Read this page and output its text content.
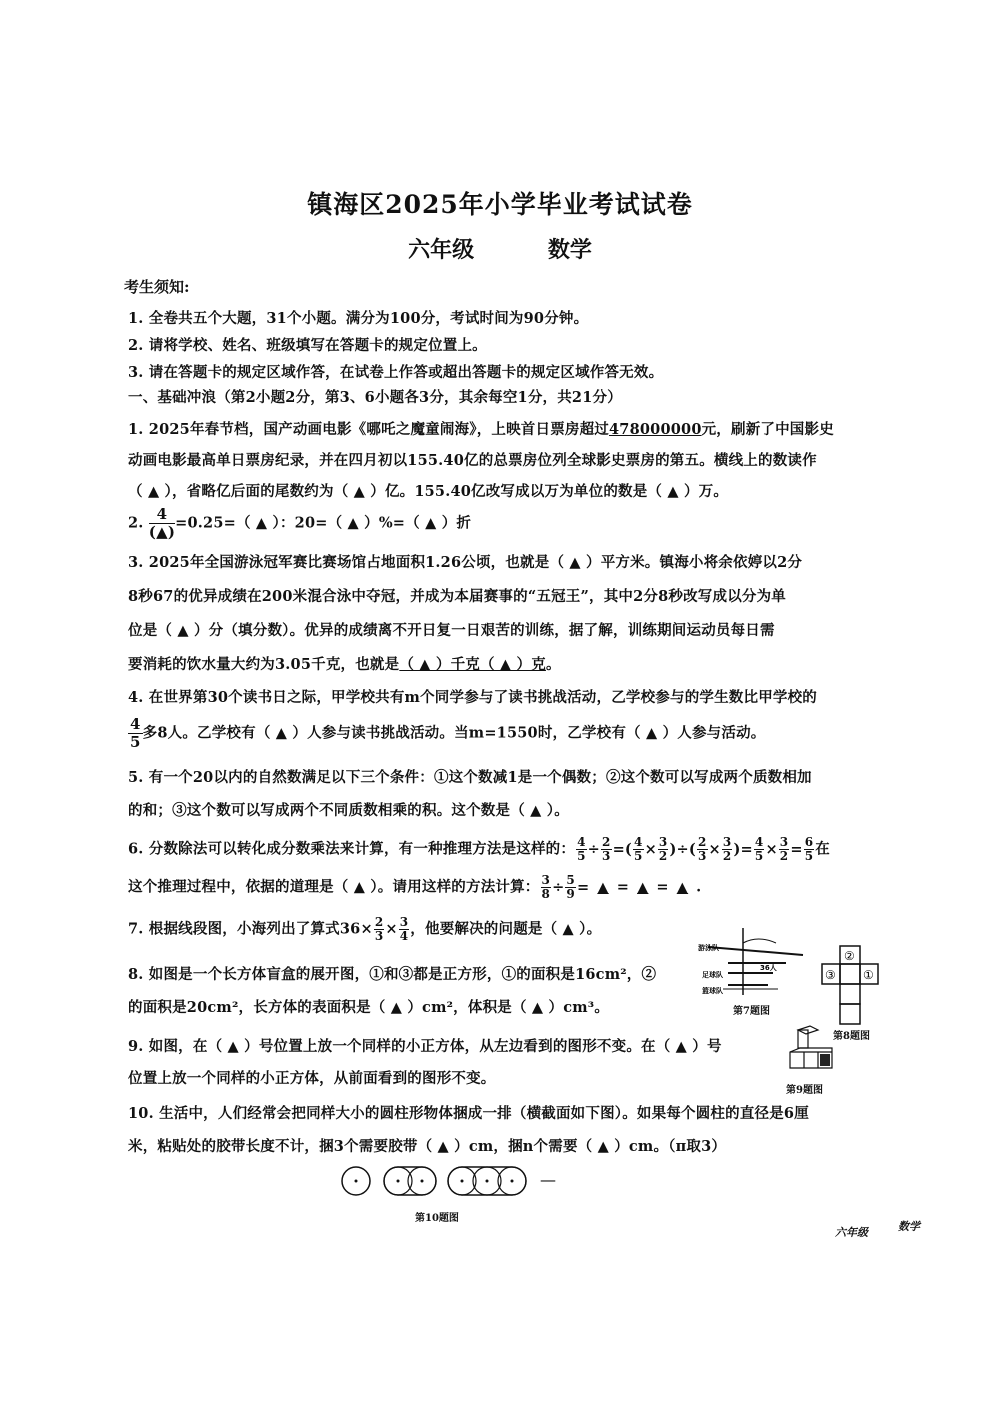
镇海区2025年小学毕业考试试卷
六年级	数学
考生须知:
1. 全卷共五个大题，31个小题。满分为100分，考试时间为90分钟。
2. 请将学校、姓名、班级填写在答题卡的规定位置上。
3. 请在答题卡的规定区域作答，在试卷上作答或超出答题卡的规定区域作答无效。
一、基础冲浪（第2小题2分，第3、6小题各3分，其余每空1分，共21分）
1. 2025年春节档，国产动画电影《哪吒之魔童闹海》，上映首日票房超过478000000元，刷新了中国影史
动画电影最高单日票房纪录，并在四月初以155.40亿的总票房位列全球影史票房的第五。横线上的数读作
（ ▲ ），省略亿后面的尾数约为（ ▲ ）亿。155.40亿改写成以万为单位的数是（ ▲ ）万。
2. 4
(▲) =0.25=（ ▲ ）：20=（ ▲ ）%=（ ▲ ）折
3. 2025年全国游泳冠军赛比赛场馆占地面积1.26公顷，也就是（ ▲ ）平方米。镇海小将余依婷以2分
8秒67的优异成绩在200米混合泳中夺冠，并成为本届赛事的“五冠王”，其中2分8秒改写成以分为单
位是（ ▲ ）分（填分数）。优异的成绩离不开日复一日艰苦的训练，据了解，训练期间运动员每日需
要消耗的饮水量大约为3.05千克，也就是（ ▲ ）千克（ ▲ ）克。
4. 在世界第30个读书日之际，甲学校共有m个同学参与了读书挑战活动，乙学校参与的学生数比甲学校的
$\frac{4}{5}$ 多8人。乙学校有（ ▲ ）人参与读书挑战活动。当m=1550时，乙学校有（ ▲ ）人参与活动。
5. 有一个20以内的自然数满足以下三个条件：①这个数减1是一个偶数；②这个数可以写成两个质数相加
的和；③这个数可以写成两个不同质数相乘的积。这个数是（ ▲ ）。
6. 分数除法可以转化成分数乘法来计算，有一种推理方法是这样的： $\frac{4}{5} \div \frac{2}{3}$ =( $\frac{4}{5} \times \frac{3}{2}$ )÷( $\frac{2}{3} \times \frac{3}{2}$ )= $\frac{4}{5} \times \frac{3}{2} = \frac{6}{5}$ 在
这个推理过程中，依据的道理是（ ▲ ）。请用这样的方法计算： $\frac{3}{8} \div \frac{5}{9}$ = ▲ = ▲ = ▲ .
7. 根据线段图，小海列出了算式$36\times \frac{2}{3} \times \frac{3}{4}$ ，他要解决的问题是（ ▲ ）。
8. 如图是一个长方体盲盒的展开图，①和③都是正方形，①的面积是16cm²，②
的面积是20cm²，长方体的表面积是（ ▲ ）cm²，体积是（ ▲ ）cm³。
9. 如图，在（ ▲ ）号位置上放一个同样的小正方体，从左边看到的图形不变。在（ ▲ ）号
位置上放一个同样的小正方体，从前面看到的图形不变。
10. 生活中，人们经常会把同样大小的圆柱形物体捆成一排（横截面如下图）。如果每个圆柱的直径是6厘
米，粘贴处的胶带长度不计，捆3个需要胶带（ ▲ ）cm，捆n个需要（ ▲ ）cm。（π取3）
游泳队
36人
足球队
篮球队
第7题图
②
③ ①
第8题图
第9题图
—
第10题图
六年级	数学
